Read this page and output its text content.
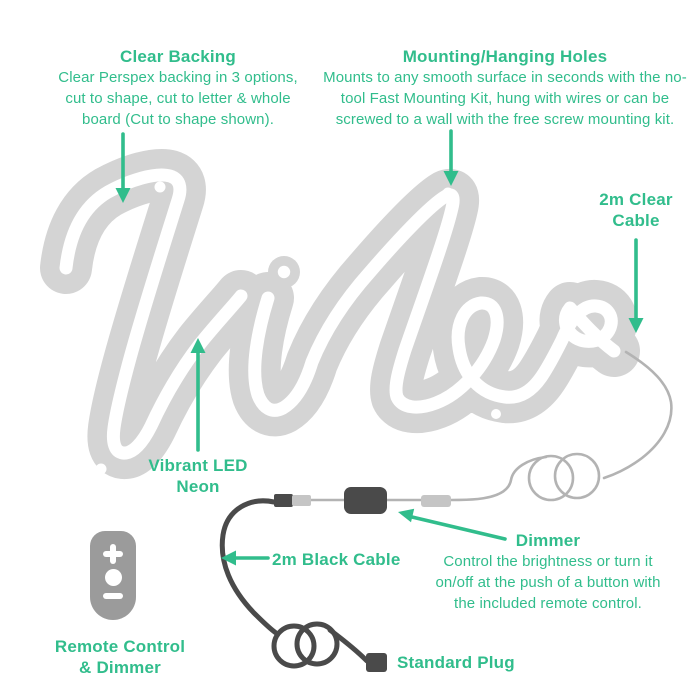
Clear Backing
Clear Perspex backing in 3 options, cut to shape, cut to letter & whole board (Cut to shape shown).
Mounting/Hanging Holes
Mounts to any smooth surface in seconds with the no-tool Fast Mounting Kit, hung with wires or can be screwed to a wall with the free screw mounting kit.
2m Clear Cable
Vibrant LED Neon
Dimmer
Control the brightness or turn it on/off at the push of a button with the included remote control.
2m Black Cable
Remote Control & Dimmer	Standard Plug
